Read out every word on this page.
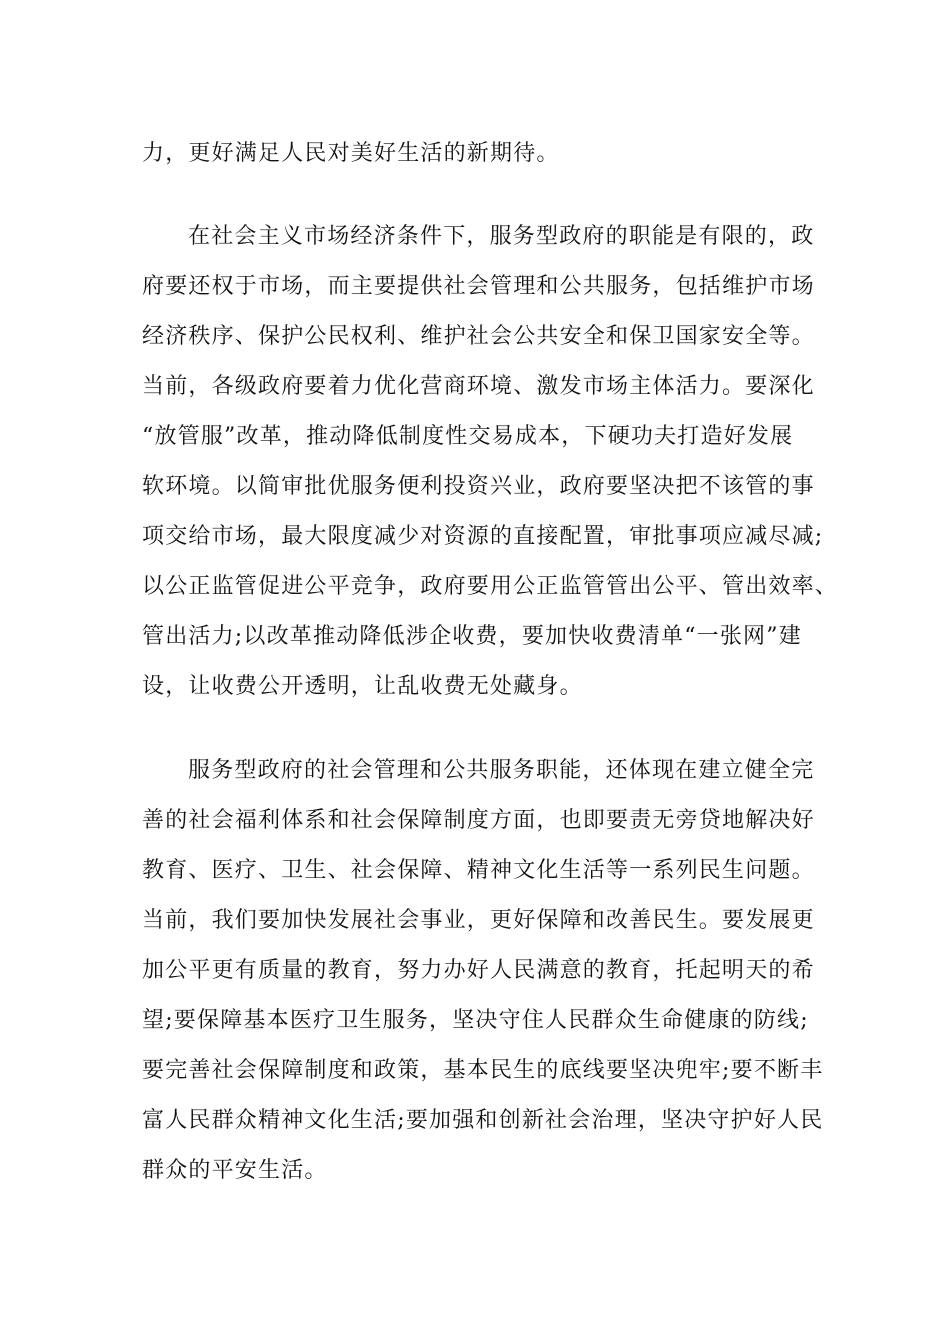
力，更好满足人民对美好生活的新期待。
在社会主义市场经济条件下，服务型政府的职能是有限的，政
府要还权于市场，而主要提供社会管理和公共服务，包括维护市场
经济秩序、保护公民权利、维护社会公共安全和保卫国家安全等。
当前，各级政府要着力优化营商环境、激发市场主体活力。要深化
“放管服”改革，推动降低制度性交易成本，下硬功夫打造好发展
软环境。以简审批优服务便利投资兴业，政府要坚决把不该管的事
项交给市场，最大限度减少对资源的直接配置，审批事项应减尽减;
以公正监管促进公平竞争，政府要用公正监管管出公平、管出效率、
管出活力;以改革推动降低涉企收费，要加快收费清单“一张网”建
设，让收费公开透明，让乱收费无处藏身。
服务型政府的社会管理和公共服务职能，还体现在建立健全完
善的社会福利体系和社会保障制度方面，也即要责无旁贷地解决好
教育、医疗、卫生、社会保障、精神文化生活等一系列民生问题。
当前，我们要加快发展社会事业，更好保障和改善民生。要发展更
加公平更有质量的教育，努力办好人民满意的教育，托起明天的希
望;要保障基本医疗卫生服务，坚决守住人民群众生命健康的防线;
要完善社会保障制度和政策，基本民生的底线要坚决兜牢;要不断丰
富人民群众精神文化生活;要加强和创新社会治理，坚决守护好人民
群众的平安生活。
